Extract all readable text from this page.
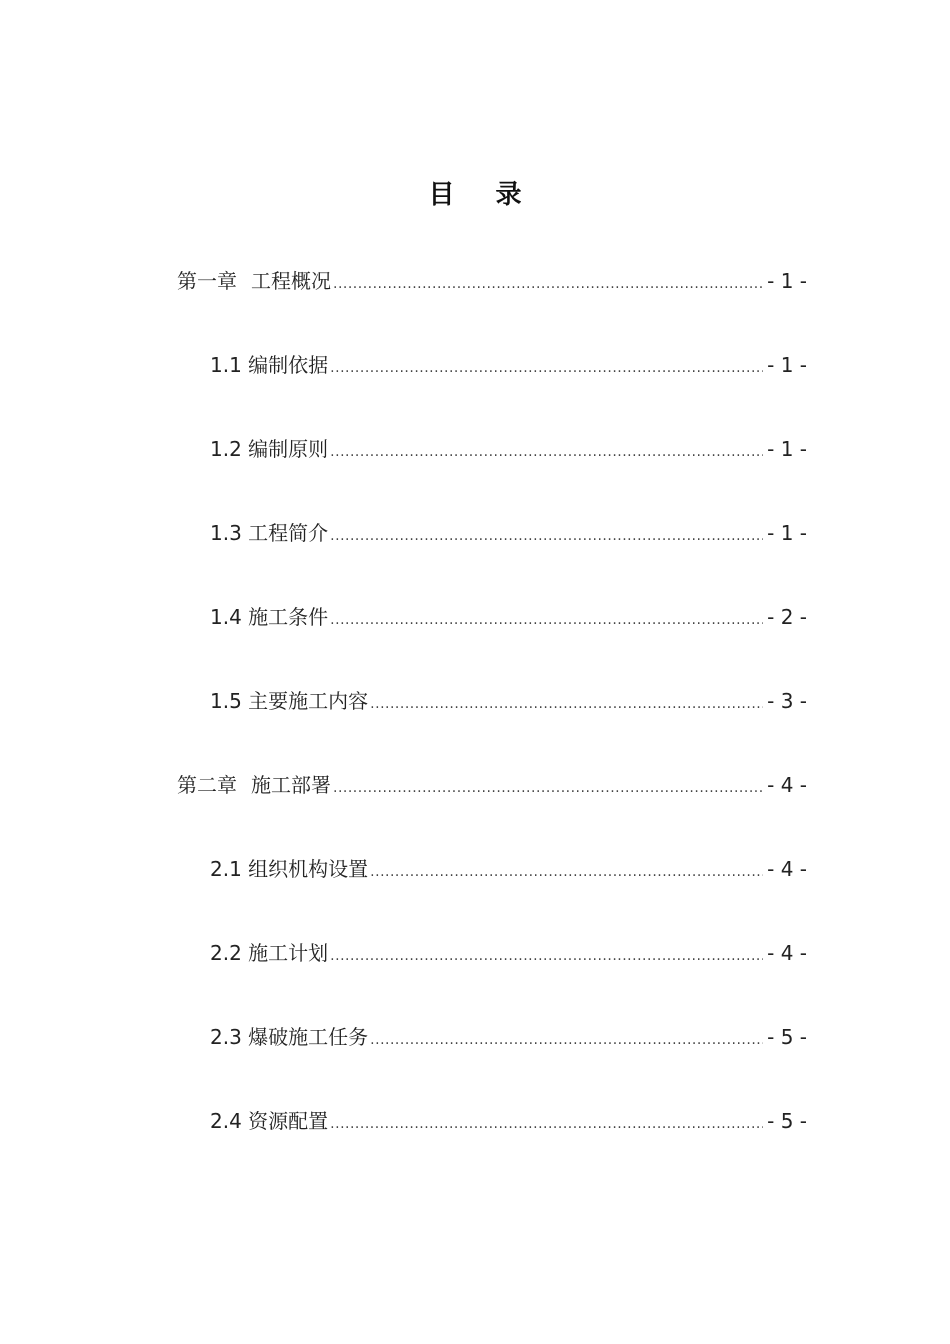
目 录
第一章 工程概况 .....	- 1 -
1.1 编制依据 .....	- 1 -
1.2 编制原则 .....	- 1 -
1.3 工程简介 .....	- 1 -
1.4 施工条件 .....	- 2 -
1.5 主要施工内容 .....	- 3 -
第二章 施工部署 .....	- 4 -
2.1 组织机构设置 .....	- 4 -
2.2 施工计划 .....	- 4 -
2.3 爆破施工任务 .....	- 5 -
2.4 资源配置 .....	- 5 -
